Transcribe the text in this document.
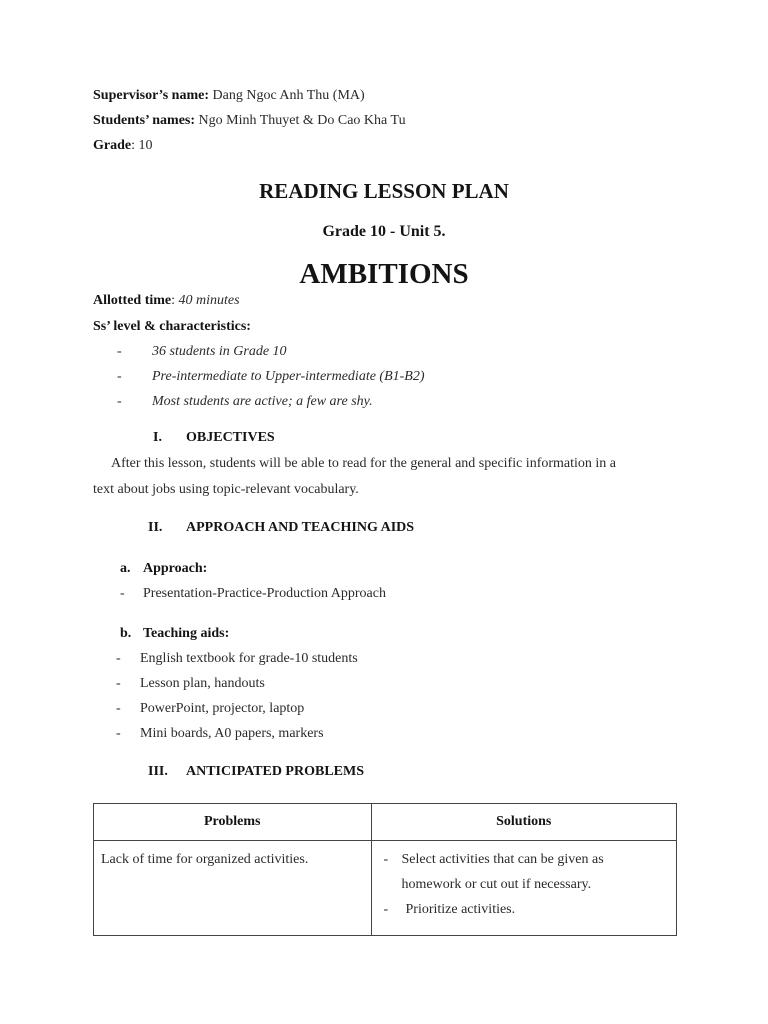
Supervisor’s name: Dang Ngoc Anh Thu (MA)
Students’ names: Ngo Minh Thuyet & Do Cao Kha Tu
Grade: 10
READING LESSON PLAN
Grade 10 - Unit 5.
AMBITIONS
Allotted time: 40 minutes
Ss’ level & characteristics:
- 36 students in Grade 10
- Pre-intermediate to Upper-intermediate (B1-B2)
- Most students are active; a few are shy.
I. OBJECTIVES
After this lesson, students will be able to read for the general and specific information in a
text about jobs using topic-relevant vocabulary.
II. APPROACH AND TEACHING AIDS
a. Approach:
- Presentation-Practice-Production Approach
b. Teaching aids:
- English textbook for grade-10 students
- Lesson plan, handouts
- PowerPoint, projector, laptop
- Mini boards, A0 papers, markers
III. ANTICIPATED PROBLEMS
Problems	Solutions

Lack of time for organized activities.	- Select activities that can be given as
homework or cut out if necessary.
- Prioritize activities.
